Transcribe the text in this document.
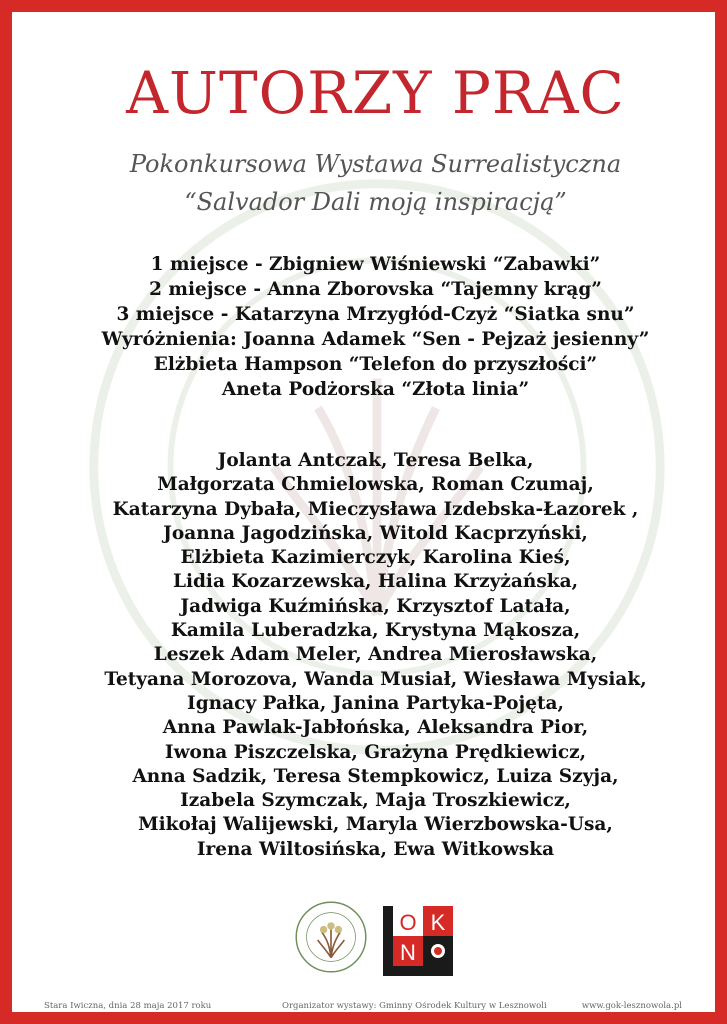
AUTORZY PRAC
Pokonkursowa Wystawa Surrealistyczna
“Salvador Dali moją inspiracją”
1 miejsce - Zbigniew Wiśniewski “Zabawki”
2 miejsce - Anna Zborovska “Tajemny krąg”
3 miejsce - Katarzyna Mrzygłód-Czyż “Siatka snu”
Wyróżnienia: Joanna Adamek “Sen - Pejzaż jesienny”
Elżbieta Hampson “Telefon do przyszłości”
Aneta Podżorska “Złota linia”
Jolanta Antczak, Teresa Belka,
Małgorzata Chmielowska, Roman Czumaj,
Katarzyna Dybała, Mieczysława Izdebska-Łazorek ,
Joanna Jagodzińska, Witold Kacprzyński,
Elżbieta Kazimierczyk, Karolina Kieś,
Lidia Kozarzewska, Halina Krzyżańska,
Jadwiga Kuźmińska, Krzysztof Latała,
Kamila Luberadzka, Krystyna Mąkosza,
Leszek Adam Meler, Andrea Mierosławska,
Tetyana Morozova, Wanda Musiał, Wiesława Mysiak,
Ignacy Pałka, Janina Partyka-Pojęta,
Anna Pawlak-Jabłońska, Aleksandra Pior,
Iwona Piszczelska, Grażyna Prędkiewicz,
Anna Sadzik, Teresa Stempkowicz, Luiza Szyja,
Izabela Szymczak, Maja Troszkiewicz,
Mikołaj Walijewski, Maryla Wierzbowska-Usa,
Irena Wiltosińska, Ewa Witkowska
O K
N
Stara Iwiczna, dnia 28 maja 2017 roku	Organizator wystawy: Gminny Ośrodek Kultury w Lesznowoli	www.gok-lesznowola.pl
